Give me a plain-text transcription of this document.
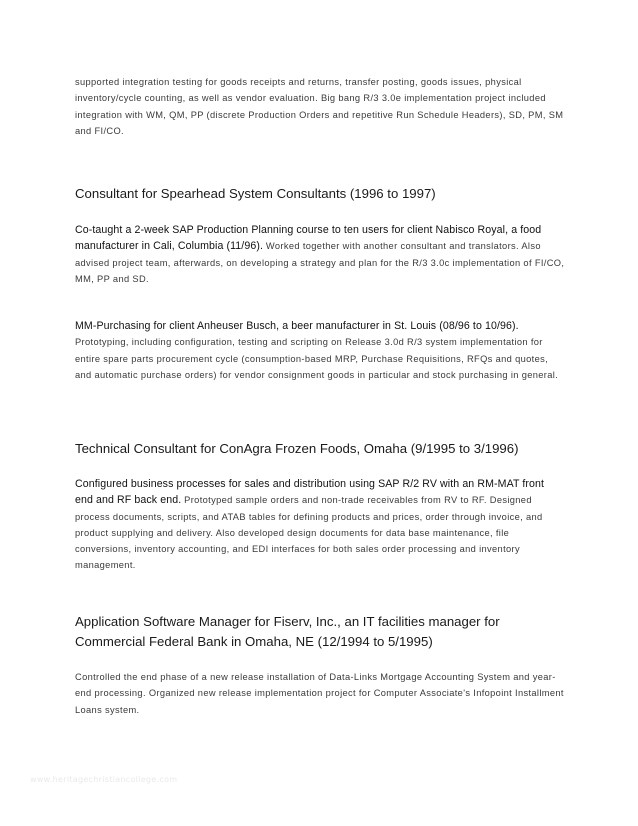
supported integration testing for goods receipts and returns, transfer posting, goods issues, physical inventory/cycle counting, as well as vendor evaluation. Big bang R/3 3.0e implementation project included integration with WM, QM, PP (discrete Production Orders and repetitive Run Schedule Headers), SD, PM, SM and FI/CO.

Consultant for Spearhead System Consultants (1996 to 1997)

Co-taught a 2-week SAP Production Planning course to ten users for client Nabisco Royal, a food manufacturer in Cali, Columbia (11/96). Worked together with another consultant and translators. Also advised project team, afterwards, on developing a strategy and plan for the R/3 3.0c implementation of FI/CO, MM, PP and SD.

MM-Purchasing for client Anheuser Busch, a beer manufacturer in St. Louis (08/96 to 10/96). Prototyping, including configuration, testing and scripting on Release 3.0d R/3 system implementation for entire spare parts procurement cycle (consumption-based MRP, Purchase Requisitions, RFQs and quotes, and automatic purchase orders) for vendor consignment goods in particular and stock purchasing in general.

Technical Consultant for ConAgra Frozen Foods, Omaha (9/1995 to 3/1996)

Configured business processes for sales and distribution using SAP R/2 RV with an RM-MAT front end and RF back end. Prototyped sample orders and non-trade receivables from RV to RF. Designed process documents, scripts, and ATAB tables for defining products and prices, order through invoice, and product supplying and delivery. Also developed design documents for data base maintenance, file conversions, inventory accounting, and EDI interfaces for both sales order processing and inventory management.

Application Software Manager for Fiserv, Inc., an IT facilities manager for Commercial Federal Bank in Omaha, NE (12/1994 to 5/1995)

Controlled the end phase of a new release installation of Data-Links Mortgage Accounting System and year-end processing. Organized new release implementation project for Computer Associate's Infopoint Installment Loans system.

www.heritagechristiancollege.com
